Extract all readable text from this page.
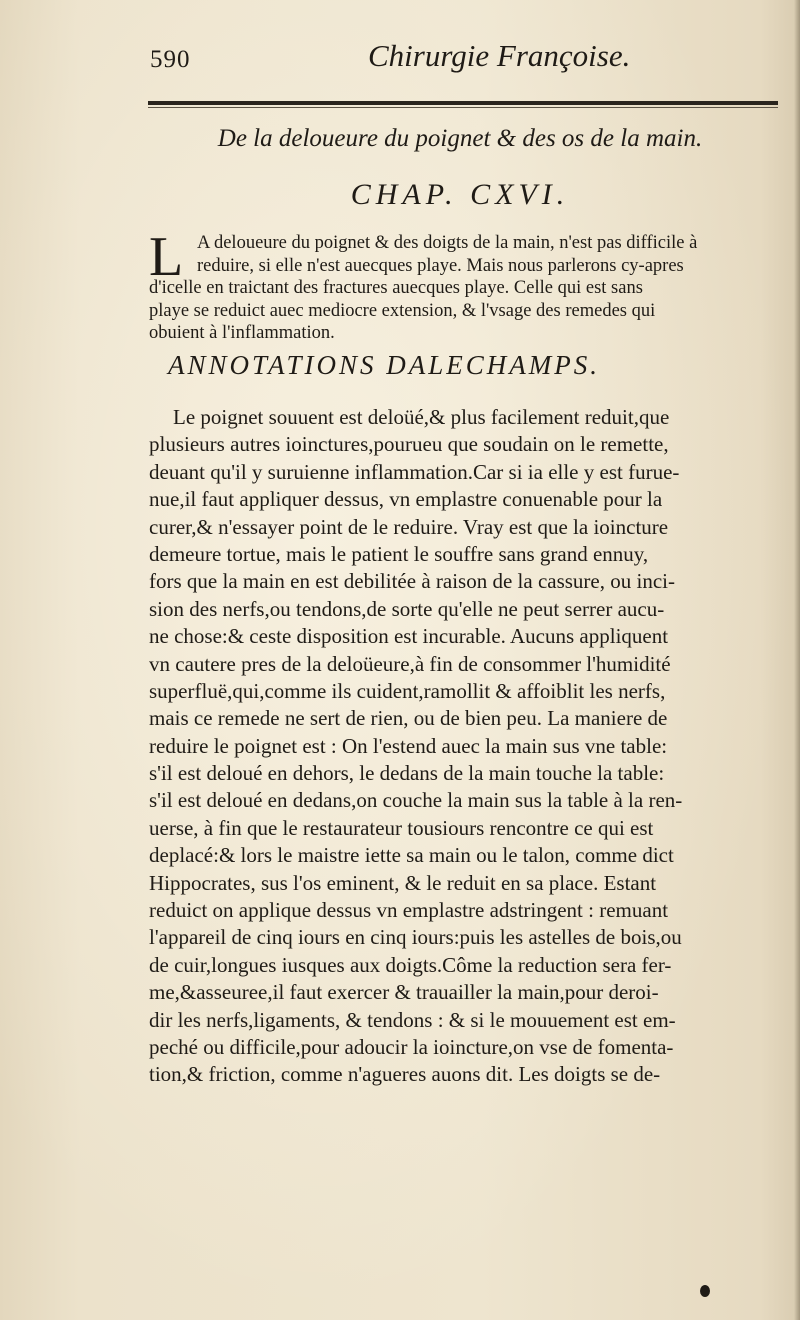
590	Chirurgie Françoise.
De la deloueure du poignet & des os de la main.
CHAP. CXVI.
L A deloueure du poignet & des doigts de la main, n'est pas difficile à
reduire, si elle n'est auecques playe. Mais nous parlerons cy-apres
d'icelle en traictant des fractures auecques playe. Celle qui est sans
playe se reduict auec mediocre extension, & l'vsage des remedes qui
obuient à l'inflammation.
ANNOTATIONS DALECHAMPS.
Le poignet souuent est deloüé,& plus facilement reduit,que
plusieurs autres ioinctures,pourueu que soudain on le remette,
deuant qu'il y suruienne inflammation.Car si ia elle y est furue-
nue,il faut appliquer dessus, vn emplastre conuenable pour la
curer,& n'essayer point de le reduire. Vray est que la ioincture
demeure tortue, mais le patient le souffre sans grand ennuy,
fors que la main en est debilitée à raison de la cassure, ou inci-
sion des nerfs,ou tendons,de sorte qu'elle ne peut serrer aucu-
ne chose:& ceste disposition est incurable. Aucuns appliquent
vn cautere pres de la deloüeure,à fin de consommer l'humidité
superfluë,qui,comme ils cuident,ramollit & affoiblit les nerfs,
mais ce remede ne sert de rien, ou de bien peu. La maniere de
reduire le poignet est : On l'estend auec la main sus vne table:
s'il est deloué en dehors, le dedans de la main touche la table:
s'il est deloué en dedans,on couche la main sus la table à la ren-
uerse, à fin que le restaurateur tousiours rencontre ce qui est
deplacé:& lors le maistre iette sa main ou le talon, comme dict
Hippocrates, sus l'os eminent, & le reduit en sa place. Estant
reduict on applique dessus vn emplastre adstringent : remuant
l'appareil de cinq iours en cinq iours:puis les astelles de bois,ou
de cuir,longues iusques aux doigts.Côme la reduction sera fer-
me,&asseuree,il faut exercer & trauailler la main,pour deroi-
dir les nerfs,ligaments, & tendons : & si le mouuement est em-
peché ou difficile,pour adoucir la ioincture,on vse de fomenta-
tion,& friction, comme n'agueres auons dit. Les doigts se de-
